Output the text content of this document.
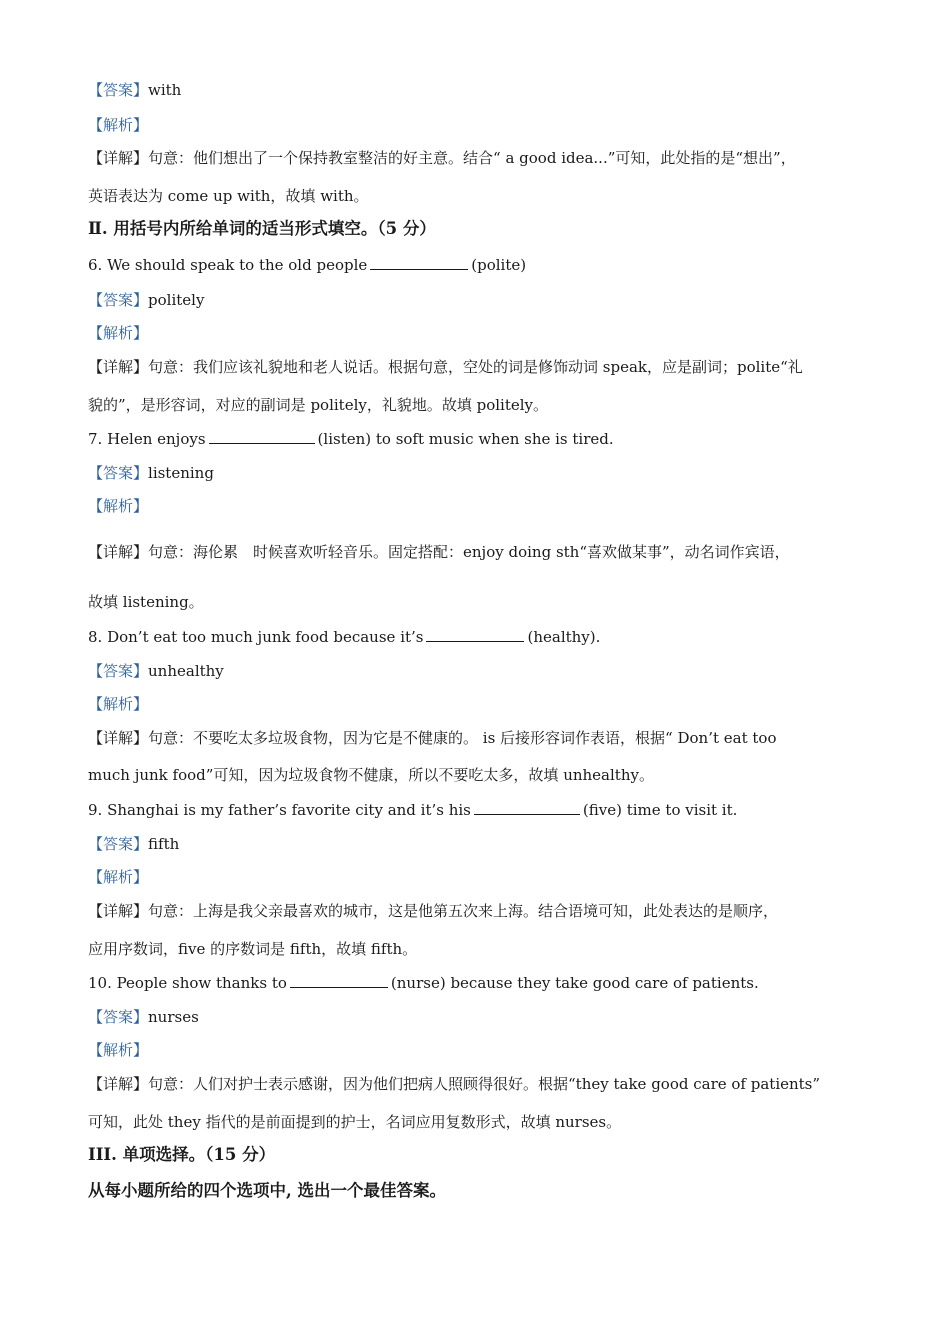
【答案】with
【解析】
【详解】句意：他们想出了一个保持教室整洁的好主意。结合“ a good idea...”可知，此处指的是“想出”，
英语表达为 come up with，故填 with。
Ⅱ. 用括号内所给单词的适当形式填空。（5 分）
6. We should speak to the old people	(polite)
【答案】politely
【解析】
【详解】句意：我们应该礼貌地和老人说话。根据句意，空处的词是修饰动词 speak，应是副词；polite“礼
貌的”，是形容词，对应的副词是 politely，礼貌地。故填 politely。
7. Helen enjoys	(listen) to soft music when she is tired.
【答案】listening
【解析】
【详解】句意：海伦累　时候喜欢听轻音乐。固定搭配：enjoy doing sth“喜欢做某事”，动名词作宾语，
故填 listening。
8. Don’t eat too much junk food because it’s	(healthy).
【答案】unhealthy
【解析】
【详解】句意：不要吃太多垃圾食物，因为它是不健康的。 is 后接形容词作表语，根据“ Don’t eat too
much junk food”可知，因为垃圾食物不健康，所以不要吃太多，故填 unhealthy。
9. Shanghai is my father’s favorite city and it’s his	(five) time to visit it.
【答案】fifth
【解析】
【详解】句意：上海是我父亲最喜欢的城市，这是他第五次来上海。结合语境可知，此处表达的是顺序，
应用序数词，five 的序数词是 fifth，故填 fifth。
10. People show thanks to	(nurse) because they take good care of patients.
【答案】nurses
【解析】
【详解】句意：人们对护士表示感谢，因为他们把病人照顾得很好。根据“they take good care of patients”
可知，此处 they 指代的是前面提到的护士，名词应用复数形式，故填 nurses。
III. 单项选择。（15 分）
从每小题所给的四个选项中, 选出一个最佳答案。
